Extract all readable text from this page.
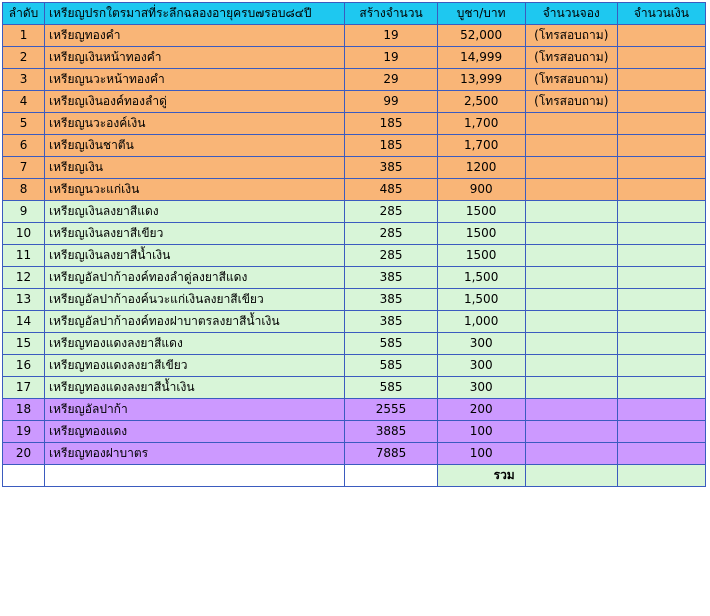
ลำดับ	เหรียญปรกใตรมาสที่ระลึกฉลองอายุครบ๗รอบ๘๔ปี	สร้างจำนวน	บูชา/บาท	จำนวนจอง	จำนวนเงิน
1	เหรียญทองคำ	19	52,000	(โทรสอบถาม)	
2	เหรียญเงินหน้าทองคำ	19	14,999	(โทรสอบถาม)	
3	เหรียญนวะหน้าทองคำ	29	13,999	(โทรสอบถาม)	
4	เหรียญเงินองค์ทองลำดู่	99	2,500	(โทรสอบถาม)	
5	เหรียญนวะองค์เงิน	185	1,700		
6	เหรียญเงินชาตีน	185	1,700		
7	เหรียญเงิน	385	1200		
8	เหรียญนวะแก่เงิน	485	900		
9	เหรียญเงินลงยาสีแดง	285	1500		
10	เหรียญเงินลงยาสีเขียว	285	1500		
11	เหรียญเงินลงยาสีน้ำเงิน	285	1500		
12	เหรียญอัลปาก้าองค์ทองลำดู่ลงยาสีแดง	385	1,500		
13	เหรียญอัลปาก้าองค์นวะแก่เงินลงยาสีเขียว	385	1,500		
14	เหรียญอัลปาก้าองค์ทองฝาบาตรลงยาสีน้ำเงิน	385	1,000		
15	เหรียญทองแดงลงยาสีแดง	585	300		
16	เหรียญทองแดงลงยาสีเขียว	585	300		
17	เหรียญทองแดงลงยาสีน้ำเงิน	585	300		
18	เหรียญอัลปาก้า	2555	200		
19	เหรียญทองแดง	3885	100		
20	เหรียญทองฝาบาตร	7885	100		
			รวม		
